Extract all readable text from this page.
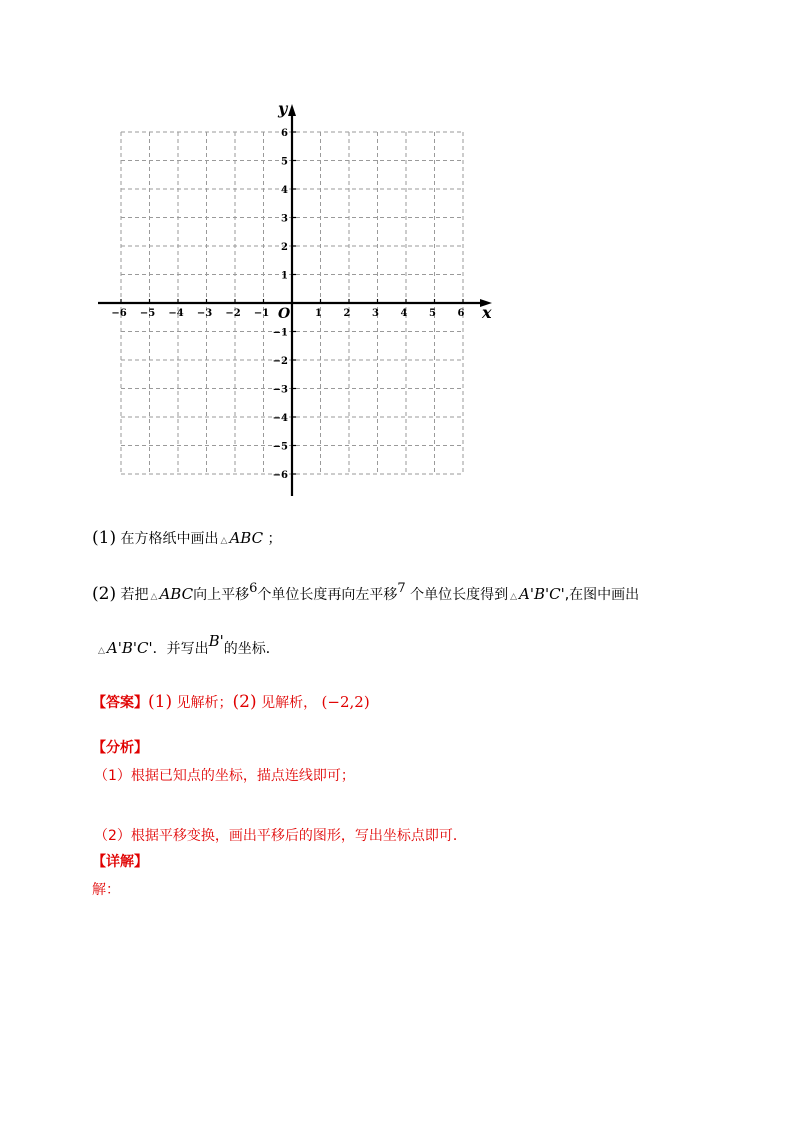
−6 −5 −4 −3 −2 −1	1 2 3 4 5 6
6
5
4
3
2
1
−1
−2
−3
−4
−5
−6
x
y
O
(1) 在方格纸中画出 △ ABC ；
(2) 若把 △ ABC向上平移6个单位长度再向左平移7 个单位长度得到 △ A'B'C',在图中画出
△ A'B'C'．并写出B'的坐标．
【答案】(1) 见解析；(2) 见解析， (−2,2)
【分析】
（1）根据已知点的坐标，描点连线即可；
（2）根据平移变换，画出平移后的图形，写出坐标点即可．
【详解】
解：
